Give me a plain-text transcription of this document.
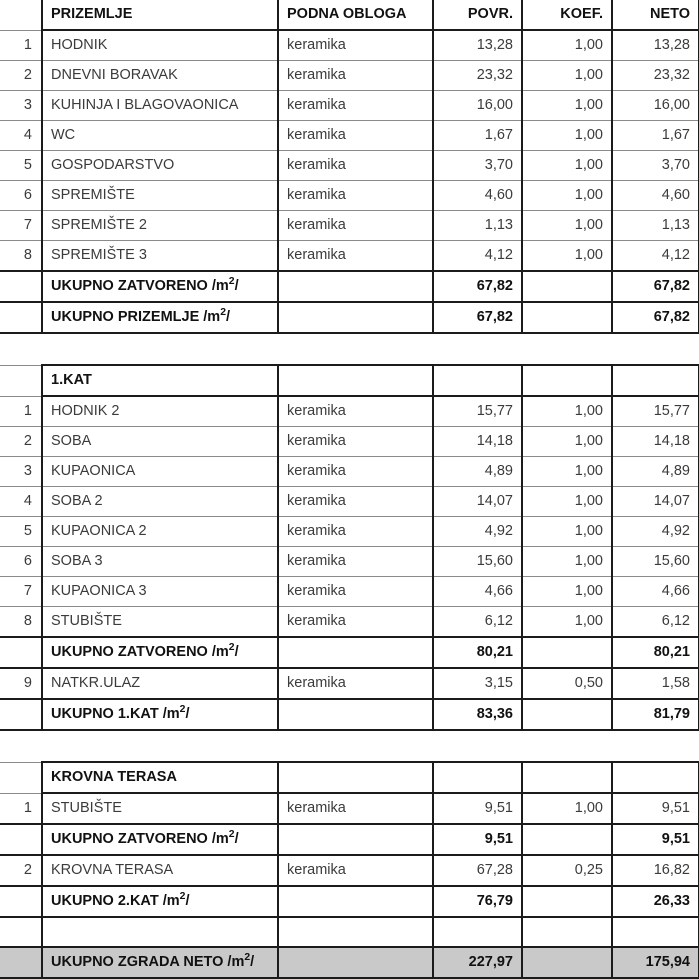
	PRIZEMLJE	PODNA OBLOGA	POVR.	KOEF.	NETO
1	HODNIK	keramika	13,28	1,00	13,28
2	DNEVNI BORAVAK	keramika	23,32	1,00	23,32
3	KUHINJA I BLAGOVAONICA	keramika	16,00	1,00	16,00
4	WC	keramika	1,67	1,00	1,67
5	GOSPODARSTVO	keramika	3,70	1,00	3,70
6	SPREMIŠTE	keramika	4,60	1,00	4,60
7	SPREMIŠTE 2	keramika	1,13	1,00	1,13
8	SPREMIŠTE 3	keramika	4,12	1,00	4,12
	UKUPNO ZATVORENO $/m^2/$		67,82		67,82
	UKUPNO PRIZEMLJE $/m^2/$		67,82		67,82
	1.KAT				
1	HODNIK 2	keramika	15,77	1,00	15,77
2	SOBA	keramika	14,18	1,00	14,18
3	KUPAONICA	keramika	4,89	1,00	4,89
4	SOBA 2	keramika	14,07	1,00	14,07
5	KUPAONICA 2	keramika	4,92	1,00	4,92
6	SOBA 3	keramika	15,60	1,00	15,60
7	KUPAONICA 3	keramika	4,66	1,00	4,66
8	STUBIŠTE	keramika	6,12	1,00	6,12
	UKUPNO ZATVORENO $/m^2/$		80,21		80,21
9	NATKR.ULAZ	keramika	3,15	0,50	1,58
	UKUPNO 1.KAT $/m^2/$		83,36		81,79
	KROVNA TERASA				
1	STUBIŠTE	keramika	9,51	1,00	9,51
	UKUPNO ZATVORENO $/m^2/$		9,51		9,51
2	KROVNA TERASA	keramika	67,28	0,25	16,82
	UKUPNO 2.KAT $/m^2/$		76,79		26,33

	UKUPNO ZGRADA NETO $/m^2/$		227,97		175,94
